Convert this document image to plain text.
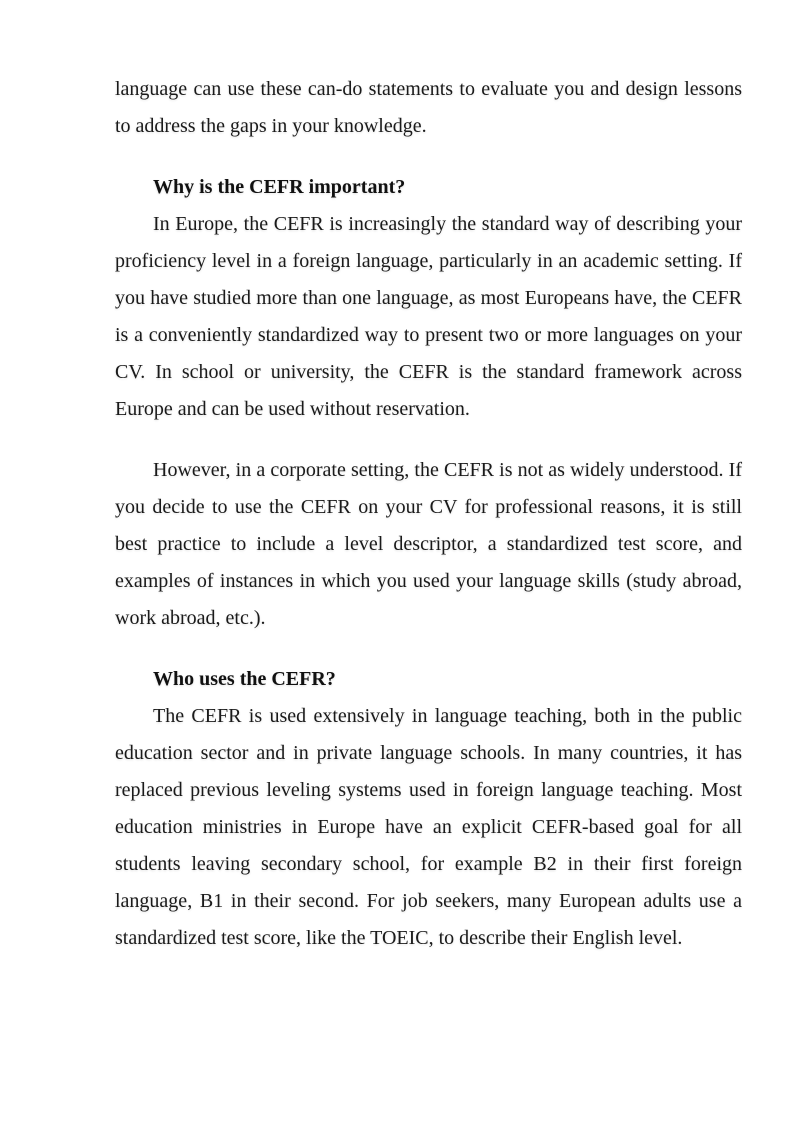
language can use these can-do statements to evaluate you and design lessons to address the gaps in your knowledge.

Why is the CEFR important?

In Europe, the CEFR is increasingly the standard way of describing your proficiency level in a foreign language, particularly in an academic setting. If you have studied more than one language, as most Europeans have, the CEFR is a conveniently standardized way to present two or more languages on your CV. In school or university, the CEFR is the standard framework across Europe and can be used without reservation.

However, in a corporate setting, the CEFR is not as widely understood. If you decide to use the CEFR on your CV for professional reasons, it is still best practice to include a level descriptor, a standardized test score, and examples of instances in which you used your language skills (study abroad, work abroad, etc.).

Who uses the CEFR?

The CEFR is used extensively in language teaching, both in the public education sector and in private language schools. In many countries, it has replaced previous leveling systems used in foreign language teaching. Most education ministries in Europe have an explicit CEFR-based goal for all students leaving secondary school, for example B2 in their first foreign language, B1 in their second. For job seekers, many European adults use a standardized test score, like the TOEIC, to describe their English level.
